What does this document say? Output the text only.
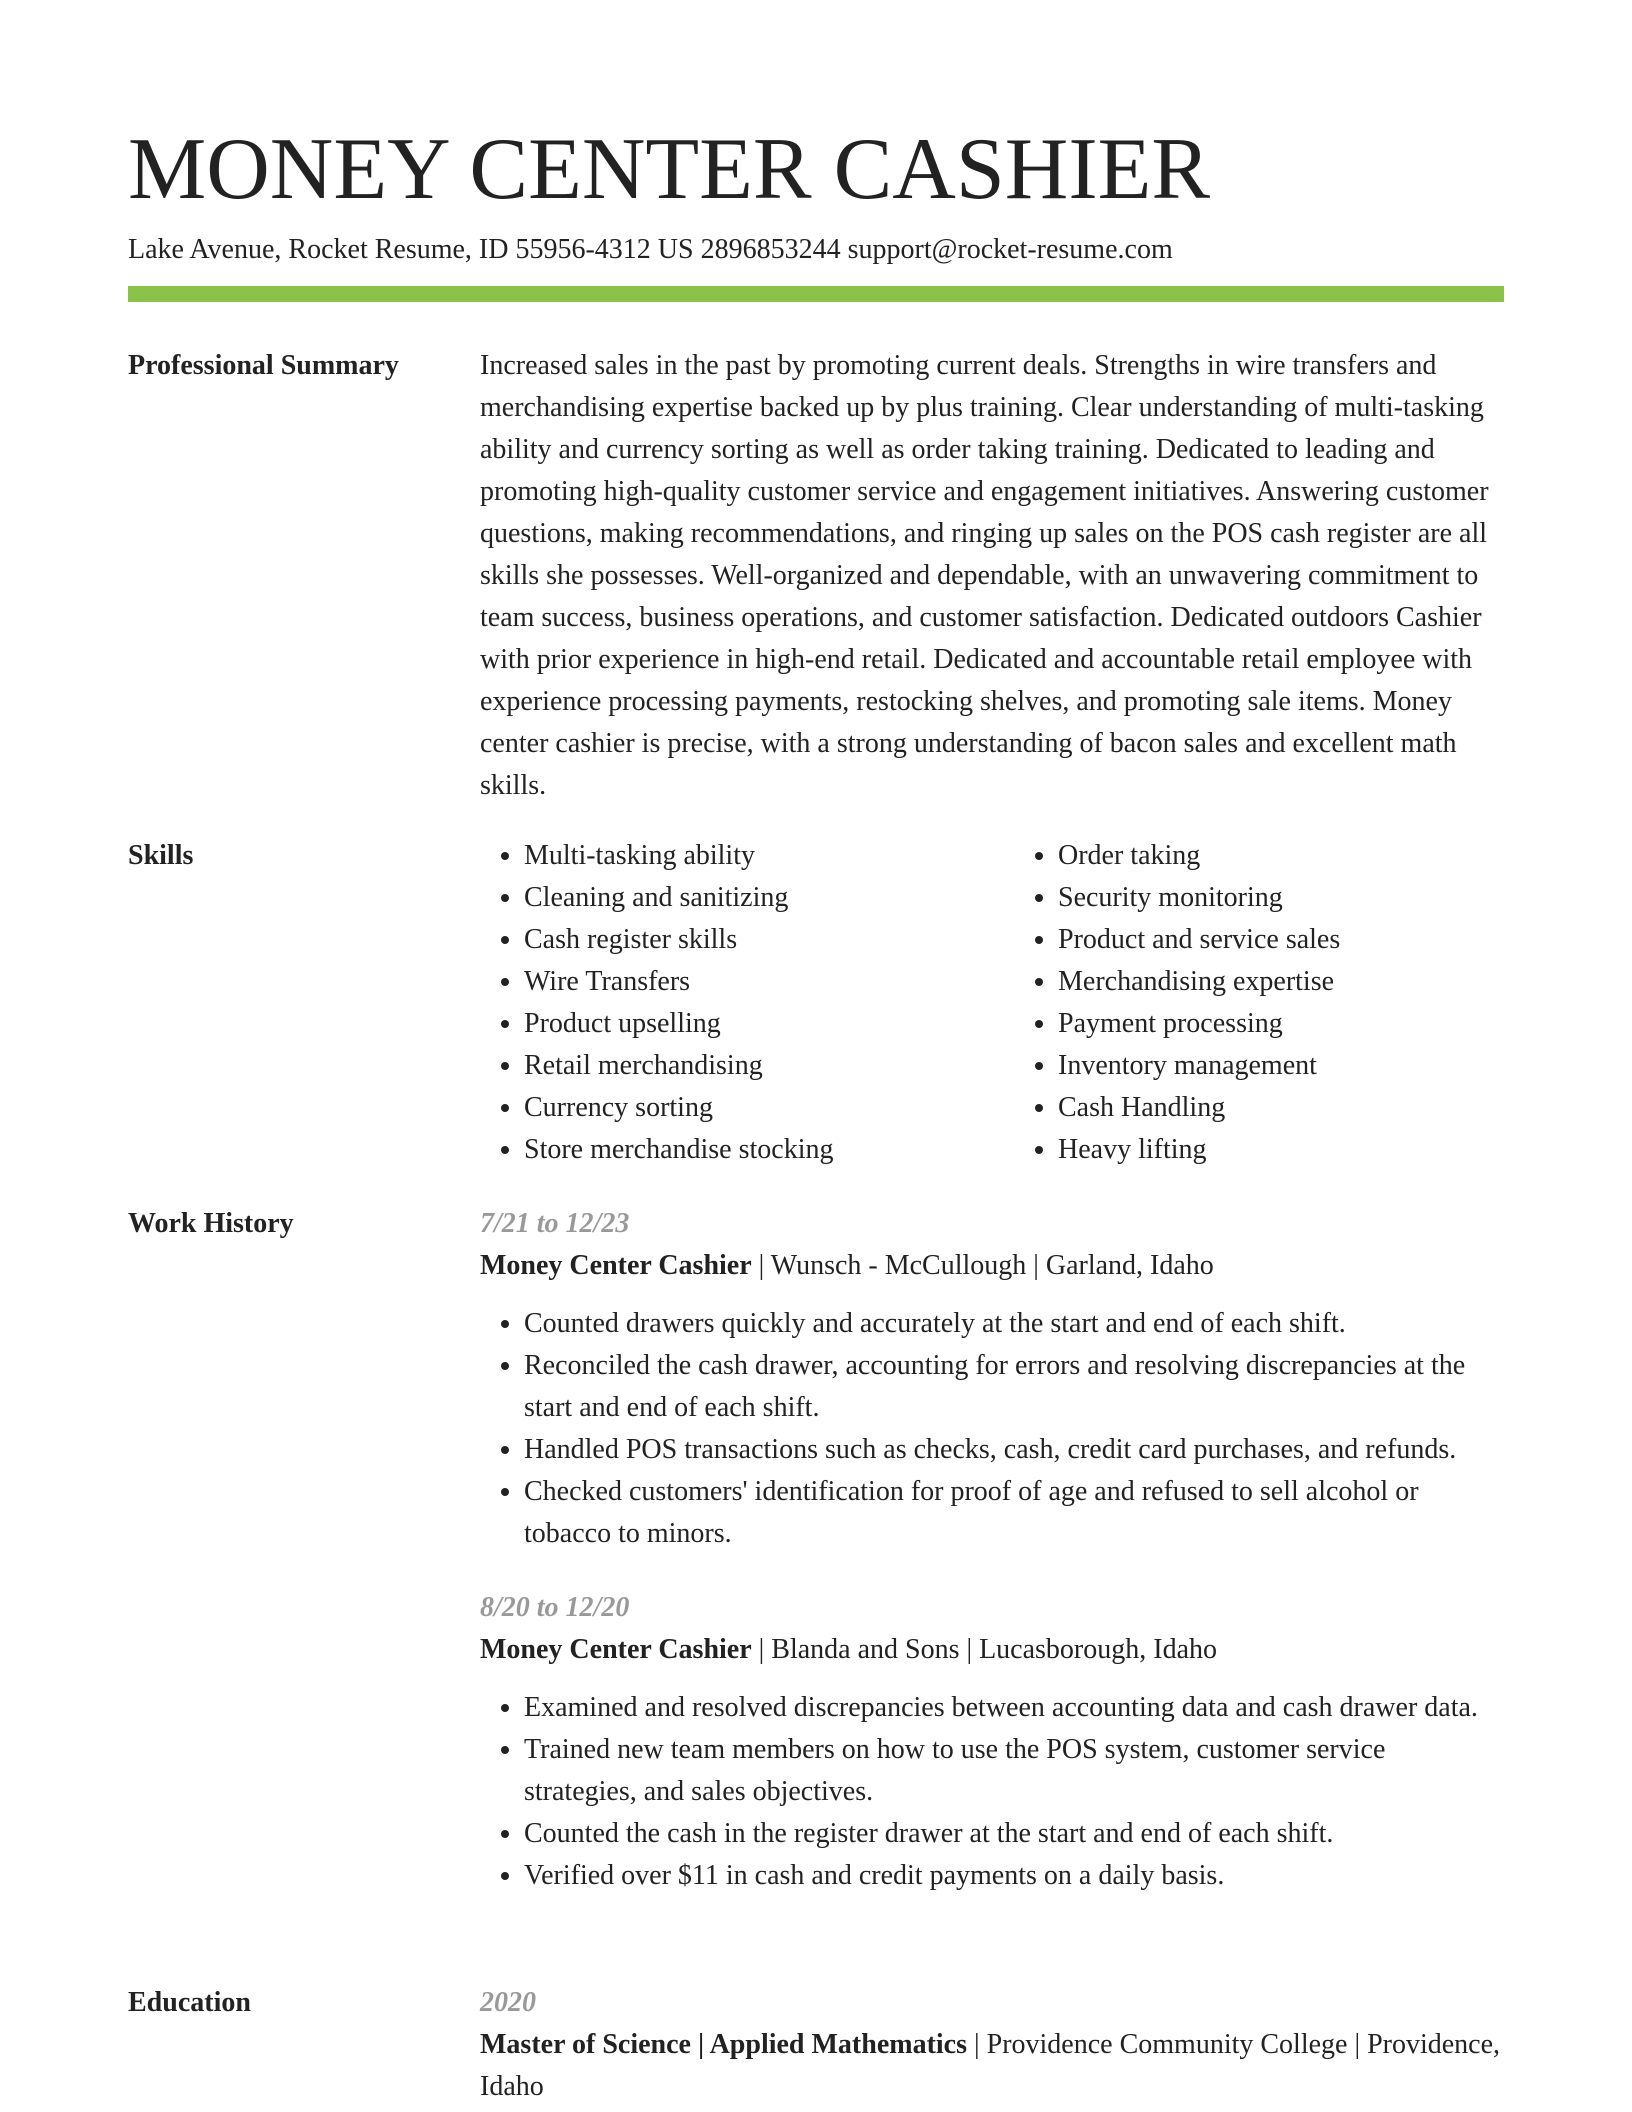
MONEY CENTER CASHIER
Lake Avenue, Rocket Resume, ID 55956-4312 US 2896853244 support@rocket-resume.com
Professional Summary	Increased sales in the past by promoting current deals. Strengths in wire transfers and merchandising expertise backed up by plus training. Clear understanding of multi-tasking ability and currency sorting as well as order taking training. Dedicated to leading and promoting high-quality customer service and engagement initiatives. Answering customer questions, making recommendations, and ringing up sales on the POS cash register are all skills she possesses. Well-organized and dependable, with an unwavering commitment to team success, business operations, and customer satisfaction. Dedicated outdoors Cashier with prior experience in high-end retail. Dedicated and accountable retail employee with experience processing payments, restocking shelves, and promoting sale items. Money center cashier is precise, with a strong understanding of bacon sales and excellent math skills.

Skills
•	Multi-tasking ability
• Cleaning and sanitizing
• Cash register skills
• Wire Transfers
• Product upselling
• Retail merchandising
• Currency sorting
• Store merchandise stocking
• Order taking
• Security monitoring
• Product and service sales
• Merchandising expertise
• Payment processing
• Inventory management
• Cash Handling
• Heavy lifting
Work History	7/21 to 12/23
Money Center Cashier | Wunsch - McCullough | Garland, Idaho
• Counted drawers quickly and accurately at the start and end of each shift.
• Reconciled the cash drawer, accounting for errors and resolving discrepancies at the start and end of each shift.
• Handled POS transactions such as checks, cash, credit card purchases, and refunds.
• Checked customers' identification for proof of age and refused to sell alcohol or tobacco to minors.
8/20 to 12/20
Money Center Cashier | Blanda and Sons | Lucasborough, Idaho
• Examined and resolved discrepancies between accounting data and cash drawer data.
• Trained new team members on how to use the POS system, customer service strategies, and sales objectives.
• Counted the cash in the register drawer at the start and end of each shift.
• Verified over $11 in cash and credit payments on a daily basis.
Education	2020
Master of Science | Applied Mathematics | Providence Community College | Providence, Idaho
